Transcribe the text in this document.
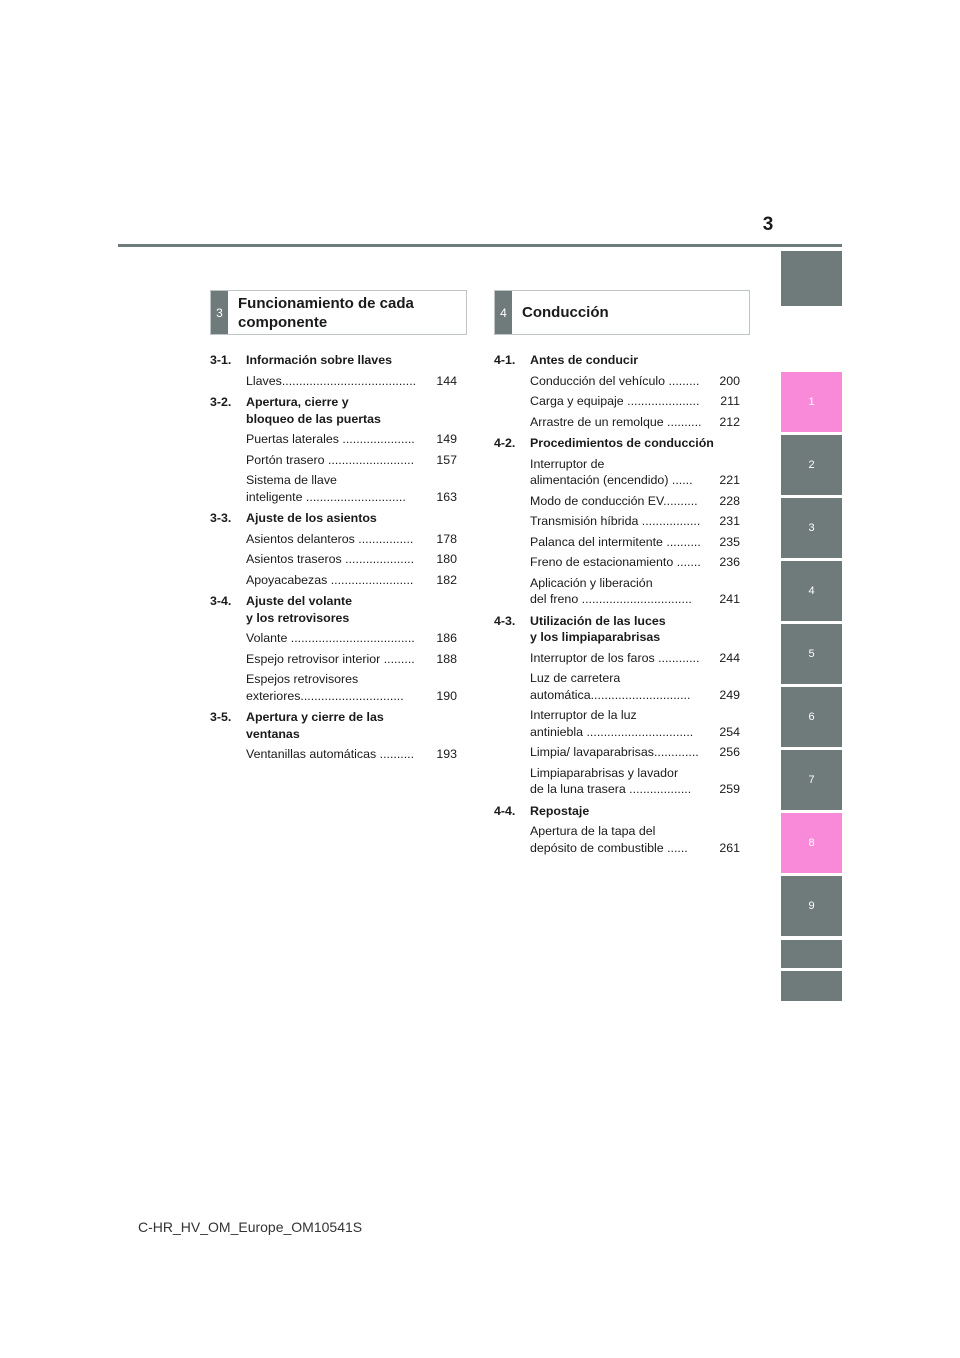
3
1
2
3
4
5
6
7
8
9
3
Funcionamiento de cada
componente
4	Conducción
3-1.	Información sobre llaves
Llaves.......................................	144
3-2.	Apertura, cierre y
bloqueo de las puertas
Puertas laterales .....................	149
Portón trasero .........................	157
Sistema de llave
inteligente .............................	163
3-3.	Ajuste de los asientos
Asientos delanteros ................	178
Asientos traseros ....................	180
Apoyacabezas ........................	182
3-4.	Ajuste del volante
y los retrovisores
Volante ....................................	186
Espejo retrovisor interior .........	188
Espejos retrovisores
exteriores..............................	190
3-5.	Apertura y cierre de las
ventanas
Ventanillas automáticas ..........	193
4-1.	Antes de conducir
Conducción del vehículo .........	200
Carga y equipaje .....................	211
Arrastre de un remolque ..........	212
4-2.	Procedimientos de conducción
Interruptor de
alimentación (encendido) ......	221
Modo de conducción EV..........	228
Transmisión híbrida .................	231
Palanca del intermitente ..........	235
Freno de estacionamiento .......	236
Aplicación y liberación
del freno ................................	241
4-3.	Utilización de las luces
y los limpiaparabrisas
Interruptor de los faros ............	244
Luz de carretera
automática.............................	249
Interruptor de la luz
antiniebla ...............................	254
Limpia/ lavaparabrisas.............	256
Limpiaparabrisas y lavador
de la luna trasera ..................	259
4-4.	Repostaje
Apertura de la tapa del
depósito de combustible ......	261
C-HR_HV_OM_Europe_OM10541S
